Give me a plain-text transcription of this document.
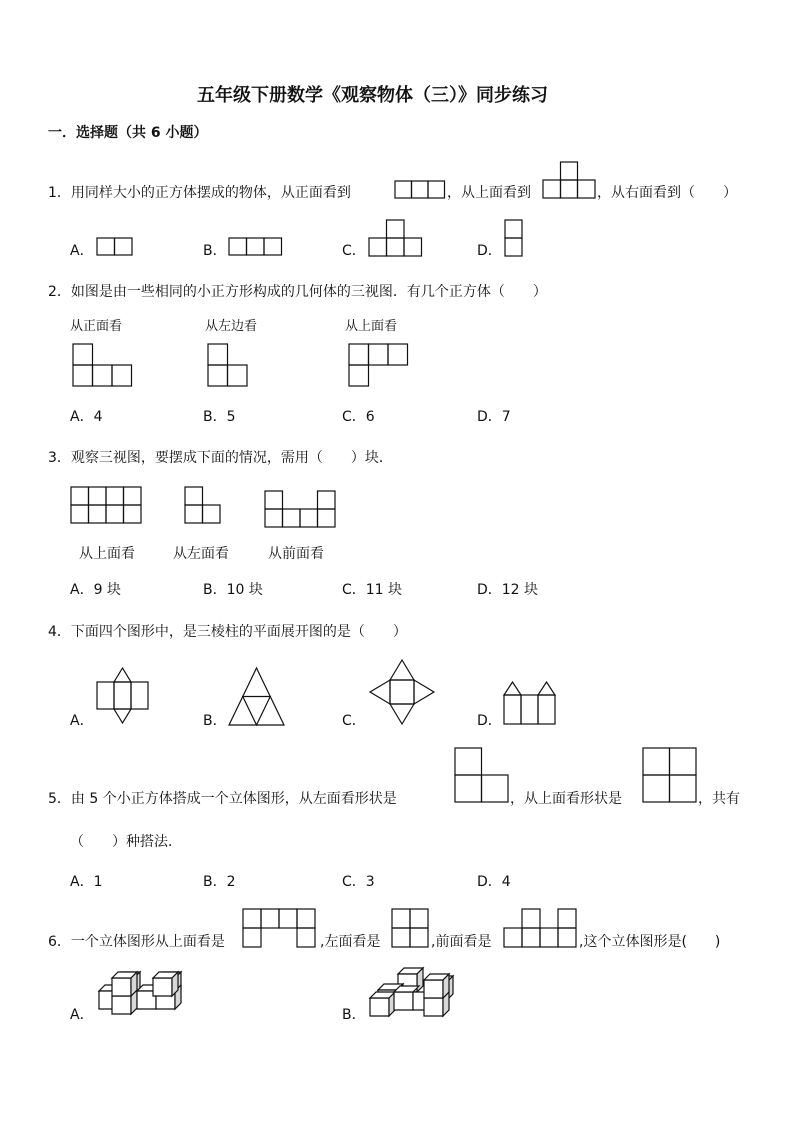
五年级下册数学《观察物体（三）》同步练习
一．选择题（共 6 小题）
1．用同样大小的正方体摆成的物体，从正面看到	，从上面看到	，从右面看到（　　）
A．	B．	C．	D．
2．如图是由一些相同的小正方形构成的几何体的三视图．有几个正方体（　　）
从正面看	从左边看	从上面看
A．4	B．5	C．6	D．7
3．观察三视图，要摆成下面的情况，需用（　　）块．
从上面看	从左面看	从前面看
A．9 块	B．10 块	C．11 块	D．12 块
4．下面四个图形中，是三棱柱的平面展开图的是（　　）
A．	B．	C．	D．
5．由 5 个小正方体搭成一个立体图形，从左面看形状是	，从上面看形状是	，共有
（　　）种搭法．
A．1	B．2	C．3	D．4
6．一个立体图形从上面看是	,左面看是	,前面看是	,这个立体图形是(　　)
A．	B．
